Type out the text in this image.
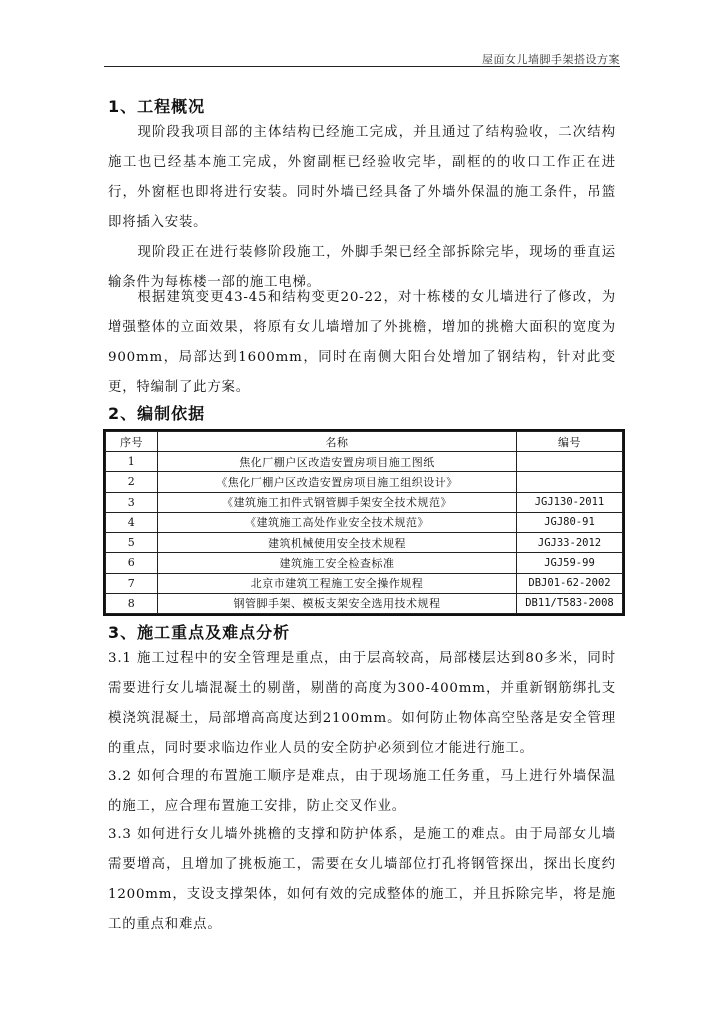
屋面女儿墙脚手架搭设方案
1、工程概况

现阶段我项目部的主体结构已经施工完成，并且通过了结构验收，二次结构施工也已经基本施工完成，外窗副框已经验收完毕，副框的的收口工作正在进行，外窗框也即将进行安装。同时外墙已经具备了外墙外保温的施工条件，吊篮即将插入安装。

现阶段正在进行装修阶段施工，外脚手架已经全部拆除完毕，现场的垂直运输条件为每栋楼一部的施工电梯。

根据建筑变更43-45和结构变更20-22，对十栋楼的女儿墙进行了修改，为增强整体的立面效果，将原有女儿墙增加了外挑檐，增加的挑檐大面积的宽度为900mm，局部达到1600mm，同时在南侧大阳台处增加了钢结构，针对此变更，特编制了此方案。

2、编制依据
序号	名称	编号
1	焦化厂棚户区改造安置房项目施工图纸	
2	《焦化厂棚户区改造安置房项目施工组织设计》	
3	《建筑施工扣件式钢管脚手架安全技术规范》	JGJ130-2011
4	《建筑施工高处作业安全技术规范》	JGJ80-91
5	建筑机械使用安全技术规程	JGJ33-2012
6	建筑施工安全检查标准	JGJ59-99
7	北京市建筑工程施工安全操作规程	DBJ01-62-2002
8	钢管脚手架、模板支架安全选用技术规程	DB11/T583-2008
3、施工重点及难点分析

3.1 施工过程中的安全管理是重点，由于层高较高，局部楼层达到80多米，同时需要进行女儿墙混凝土的剔凿，剔凿的高度为300-400mm，并重新钢筋绑扎支模浇筑混凝土，局部增高高度达到2100mm。如何防止物体高空坠落是安全管理的重点，同时要求临边作业人员的安全防护必须到位才能进行施工。

3.2 如何合理的布置施工顺序是难点，由于现场施工任务重，马上进行外墙保温的施工，应合理布置施工安排，防止交叉作业。

3.3 如何进行女儿墙外挑檐的支撑和防护体系，是施工的难点。由于局部女儿墙需要增高，且增加了挑板施工，需要在女儿墙部位打孔将钢管探出，探出长度约1200mm，支设支撑架体，如何有效的完成整体的施工，并且拆除完毕，将是施工的重点和难点。
